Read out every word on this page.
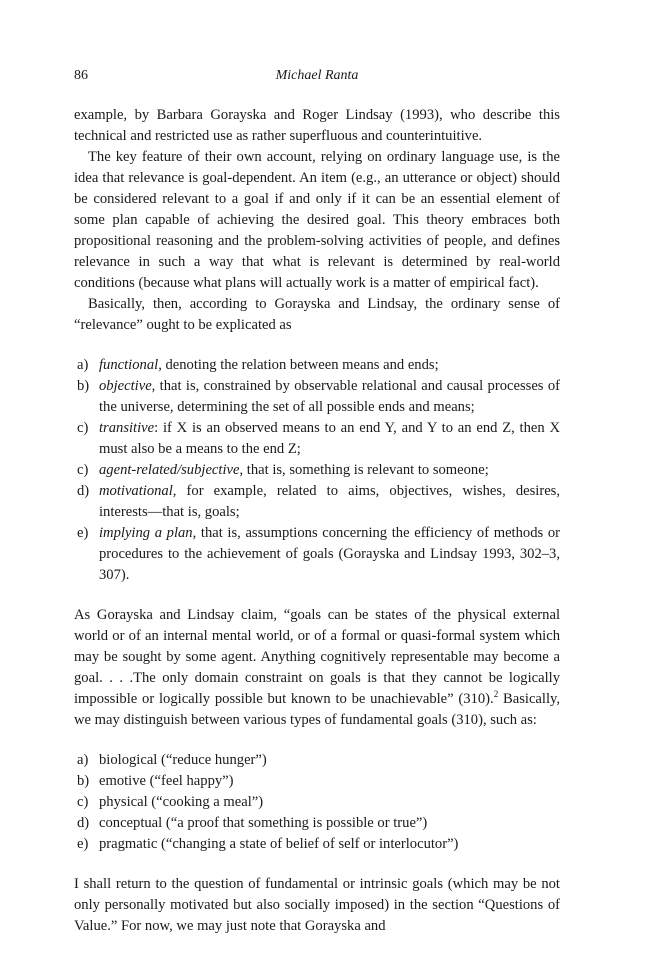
86	Michael Ranta

example, by Barbara Gorayska and Roger Lindsay (1993), who describe this technical and restricted use as rather superfluous and counterintuitive.

The key feature of their own account, relying on ordinary language use, is the idea that relevance is goal-dependent. An item (e.g., an utterance or object) should be considered relevant to a goal if and only if it can be an essential element of some plan capable of achieving the desired goal. This theory embraces both propositional reasoning and the problem-solving activities of people, and defines relevance in such a way that what is relevant is determined by real-world conditions (because what plans will actually work is a matter of empirical fact).

Basically, then, according to Gorayska and Lindsay, the ordinary sense of “relevance” ought to be explicated as

a) functional, denoting the relation between means and ends;
b) objective, that is, constrained by observable relational and causal processes of the universe, determining the set of all possible ends and means;
c) transitive: if X is an observed means to an end Y, and Y to an end Z, then X must also be a means to the end Z;
c) agent-related/subjective, that is, something is relevant to someone;
d) motivational, for example, related to aims, objectives, wishes, desires, interests—that is, goals;
e) implying a plan, that is, assumptions concerning the efficiency of methods or procedures to the achievement of goals (Gorayska and Lindsay 1993, 302–3, 307).

As Gorayska and Lindsay claim, “goals can be states of the physical external world or of an internal mental world, or of a formal or quasi-formal system which may be sought by some agent. Anything cognitively representable may become a goal. . . .The only domain constraint on goals is that they cannot be logically impossible or logically possible but known to be unachievable” (310).$^2$ Basically, we may distinguish between various types of fundamental goals (310), such as:

a) biological (“reduce hunger”)
b) emotive (“feel happy”)
c) physical (“cooking a meal”)
d) conceptual (“a proof that something is possible or true”)
e) pragmatic (“changing a state of belief of self or interlocutor”)

I shall return to the question of fundamental or intrinsic goals (which may be not only personally motivated but also socially imposed) in the section “Questions of Value.” For now, we may just note that Gorayska and
